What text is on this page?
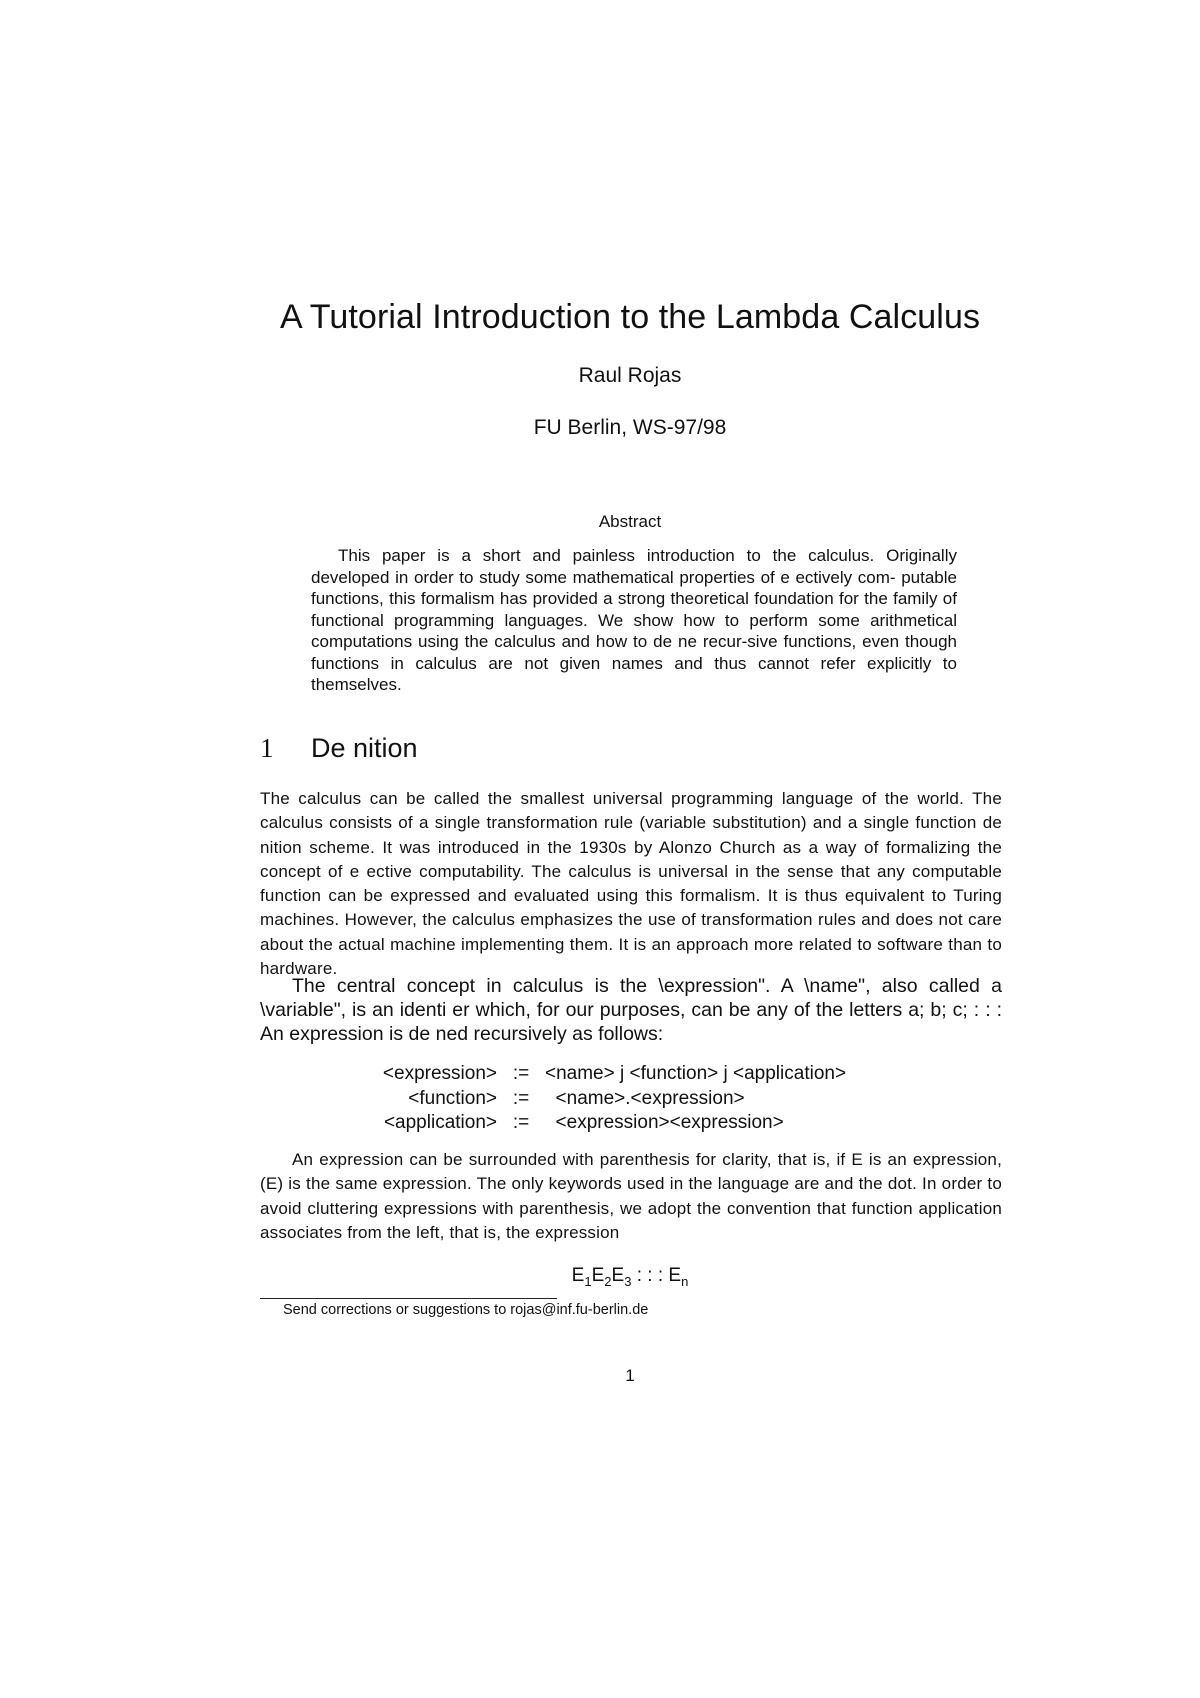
A Tutorial Introduction to the Lambda Calculus
Raul Rojas
FU Berlin, WS-97/98
Abstract
This paper is a short and painless introduction to the calculus. Originally developed in order to study some mathematical properties of e ectively com- putable functions, this formalism has provided a strong theoretical foundation for the family of functional programming languages. We show how to perform some arithmetical computations using the calculus and how to de ne recur-sive functions, even though functions in calculus are not given names and thus cannot refer explicitly to themselves.
1 De nition
The calculus can be called the smallest universal programming language of the world. The calculus consists of a single transformation rule (variable substitution) and a single function de nition scheme. It was introduced in the 1930s by Alonzo Church as a way of formalizing the concept of e ective computability. The calculus is universal in the sense that any computable function can be expressed and evaluated using this formalism. It is thus equivalent to Turing machines. However, the calculus emphasizes the use of transformation rules and does not care about the actual machine implementing them. It is an approach more related to software than to hardware.
The central concept in calculus is the \expression". A \name", also called a \variable", is an identi er which, for our purposes, can be any of the letters a; b; c; : : : An expression is de ned recursively as follows:
<expression>	:=	<name> j <function> j <application>
<function>	:=	<name>.<expression>
<application>	:=	<expression><expression>
An expression can be surrounded with parenthesis for clarity, that is, if E is an expression, (E) is the same expression. The only keywords used in the language are and the dot. In order to avoid cluttering expressions with parenthesis, we adopt the convention that function application associates from the left, that is, the expression
$E_1E_2E_3$ : : : $E_n$
Send corrections or suggestions to rojas@inf.fu-berlin.de
1
